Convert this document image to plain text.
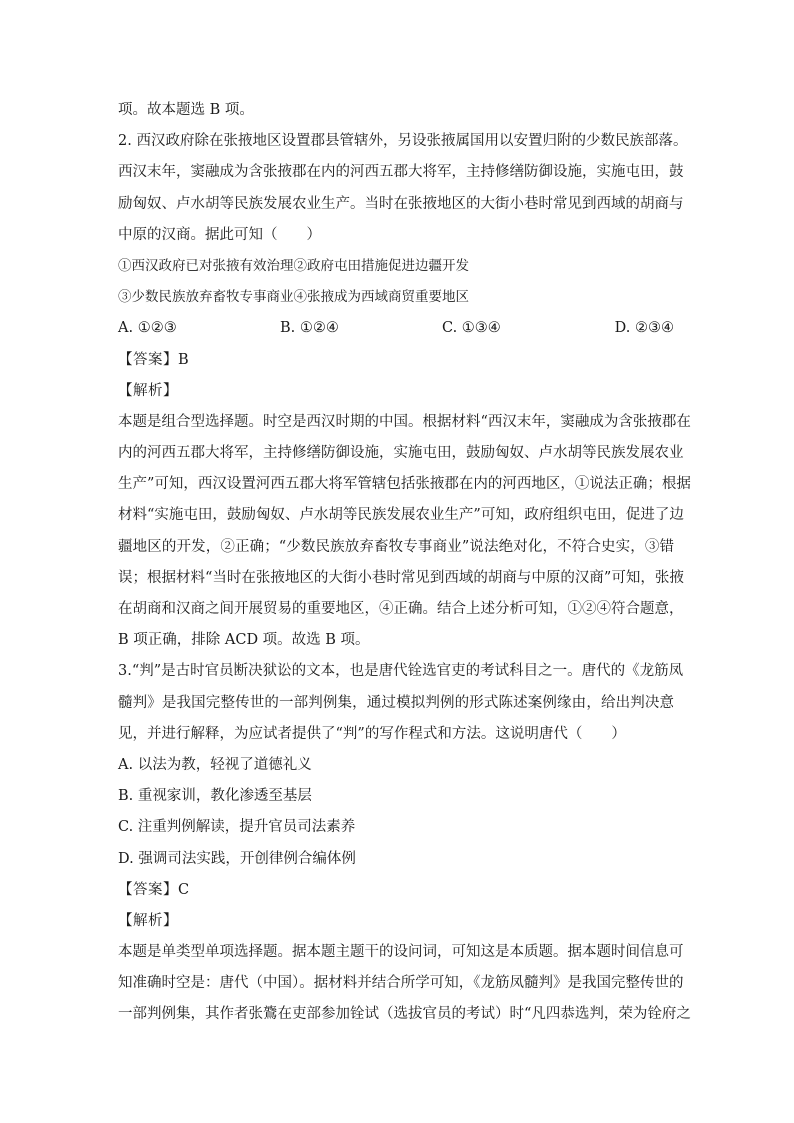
项。故本题选 B 项。
2. 西汉政府除在张掖地区设置郡县管辖外，另设张掖属国用以安置归附的少数民族部落。
西汉末年，窦融成为含张掖郡在内的河西五郡大将军，主持修缮防御设施，实施屯田，鼓
励匈奴、卢水胡等民族发展农业生产。当时在张掖地区的大街小巷时常见到西域的胡商与
中原的汉商。据此可知（　　）
①西汉政府已对张掖有效治理②政府屯田措施促进边疆开发
③少数民族放弃畜牧专事商业④张掖成为西域商贸重要地区
A. ①②③	B. ①②④	C. ①③④	D. ②③④
【答案】B
【解析】
本题是组合型选择题。时空是西汉时期的中国。根据材料“西汉末年，窦融成为含张掖郡在
内的河西五郡大将军，主持修缮防御设施，实施屯田，鼓励匈奴、卢水胡等民族发展农业
生产”可知，西汉设置河西五郡大将军管辖包括张掖郡在内的河西地区，①说法正确；根据
材料“实施屯田，鼓励匈奴、卢水胡等民族发展农业生产”可知，政府组织屯田，促进了边
疆地区的开发，②正确；“少数民族放弃畜牧专事商业”说法绝对化，不符合史实，③错
误；根据材料“当时在张掖地区的大街小巷时常见到西域的胡商与中原的汉商”可知，张掖
在胡商和汉商之间开展贸易的重要地区，④正确。结合上述分析可知，①②④符合题意，
B 项正确，排除 ACD 项。故选 B 项。
3.“判”是古时官员断决狱讼的文本，也是唐代铨选官吏的考试科目之一。唐代的《龙筋凤
髓判》是我国完整传世的一部判例集，通过模拟判例的形式陈述案例缘由，给出判决意
见，并进行解释，为应试者提供了“判”的写作程式和方法。这说明唐代（　　）
A. 以法为教，轻视了道德礼义
B. 重视家训，教化渗透至基层
C. 注重判例解读，提升官员司法素养
D. 强调司法实践，开创律例合编体例
【答案】C
【解析】
本题是单类型单项选择题。据本题主题干的设问词，可知这是本质题。据本题时间信息可
知准确时空是：唐代（中国）。据材料并结合所学可知，《龙筋凤髓判》是我国完整传世的
一部判例集，其作者张鷟在吏部参加铨试（选拔官员的考试）时“凡四恭选判，荣为铨府之
